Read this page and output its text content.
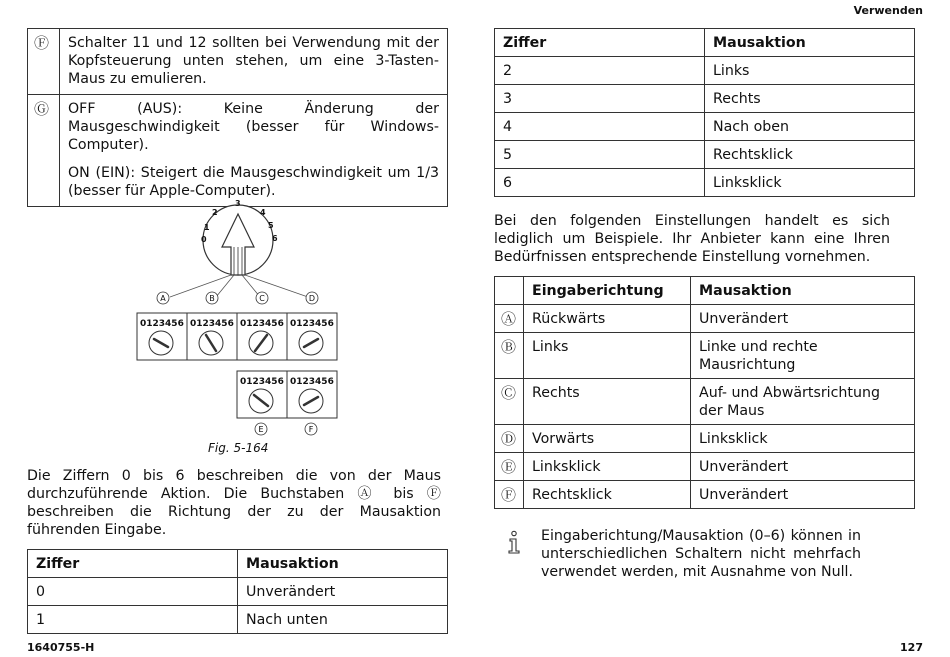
Verwenden
Ⓕ	Schalter 11 und 12 sollten bei Verwendung mit der Kopfsteuerung unten stehen, um eine 3-Tasten-Maus zu emulieren.

Ⓖ	OFF (AUS): Keine Änderung der Mausgeschwindigkeit (besser für Windows-Computer).

ON (EIN): Steigert die Mausgeschwindigkeit um 1/3 (besser für Apple-Computer).

0
1
2
3
4
5
6
A	B	C	D
0123456 0123456 0123456 0123456
0123456 0123456
E	F
Fig. 5-164

Die Ziffern 0 bis 6 beschreiben die von der Maus durchzuführende Aktion. Die Buchstaben Ⓐ bis Ⓕ beschreiben die Richtung der zu der Mausaktion führenden Eingabe.

Ziffer	Mausaktion
0	Unverändert
1	Nach unten
Ziffer	Mausaktion
2	Links
3	Rechts
4	Nach oben
5	Rechtsklick
6	Linksklick

Bei den folgenden Einstellungen handelt es sich lediglich um Beispiele. Ihr Anbieter kann eine Ihren Bedürfnissen entsprechende Einstellung vornehmen.

	Eingaberichtung	Mausaktion
Ⓐ	Rückwärts	Unverändert
Ⓑ	Links	Linke und rechte Mausrichtung
Ⓒ	Rechts	Auf- und Abwärtsrichtung der Maus
Ⓓ	Vorwärts	Linksklick
Ⓔ	Linksklick	Unverändert
Ⓕ	Rechtsklick	Unverändert

Eingaberichtung/Mausaktion (0–6) können in unterschiedlichen Schaltern nicht mehrfach verwendet werden, mit Ausnahme von Null.

1640755-H	127
